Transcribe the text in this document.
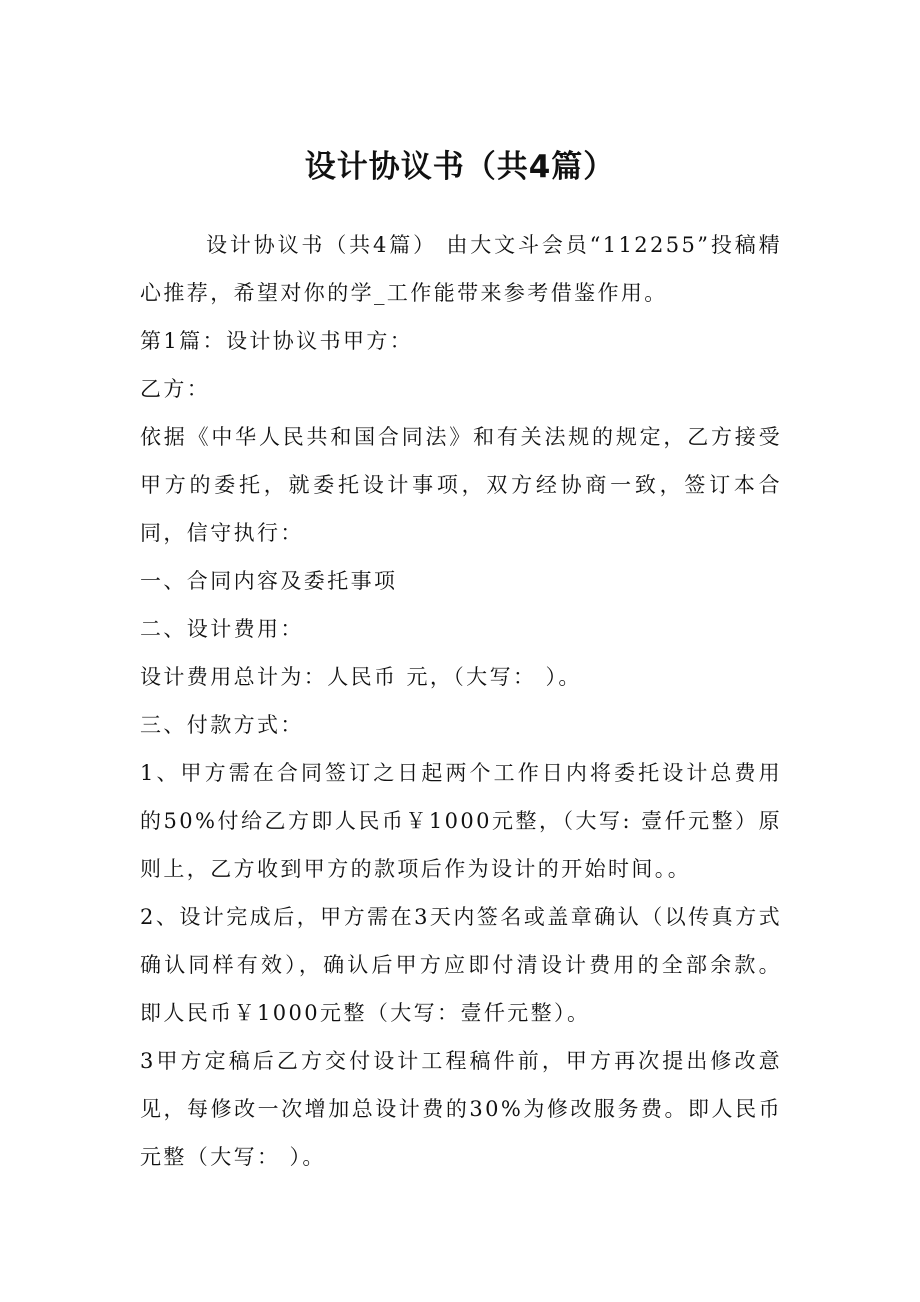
设计协议书（共4篇）

设计协议书（共4篇） 由大文斗会员“112255”投稿精心推荐，希望对你的学_工作能带来参考借鉴作用。

第1篇：设计协议书甲方：

乙方：

依据《中华人民共和国合同法》和有关法规的规定，乙方接受甲方的委托，就委托设计事项，双方经协商一致，签订本合同，信守执行：

一、合同内容及委托事项

二、设计费用：

设计费用总计为：人民币 元，（大写： ）。

三、付款方式：

1、甲方需在合同签订之日起两个工作日内将委托设计总费用的50%付给乙方即人民币￥1000元整，（大写: 壹仟元整）原则上，乙方收到甲方的款项后作为设计的开始时间。。

2、设计完成后，甲方需在3天内签名或盖章确认（以传真方式确认同样有效），确认后甲方应即付清设计费用的全部余款。即人民币￥1000元整（大写：壹仟元整）。

3甲方定稿后乙方交付设计工程稿件前，甲方再次提出修改意见，每修改一次增加总设计费的30%为修改服务费。即人民币 元整（大写： ）。
